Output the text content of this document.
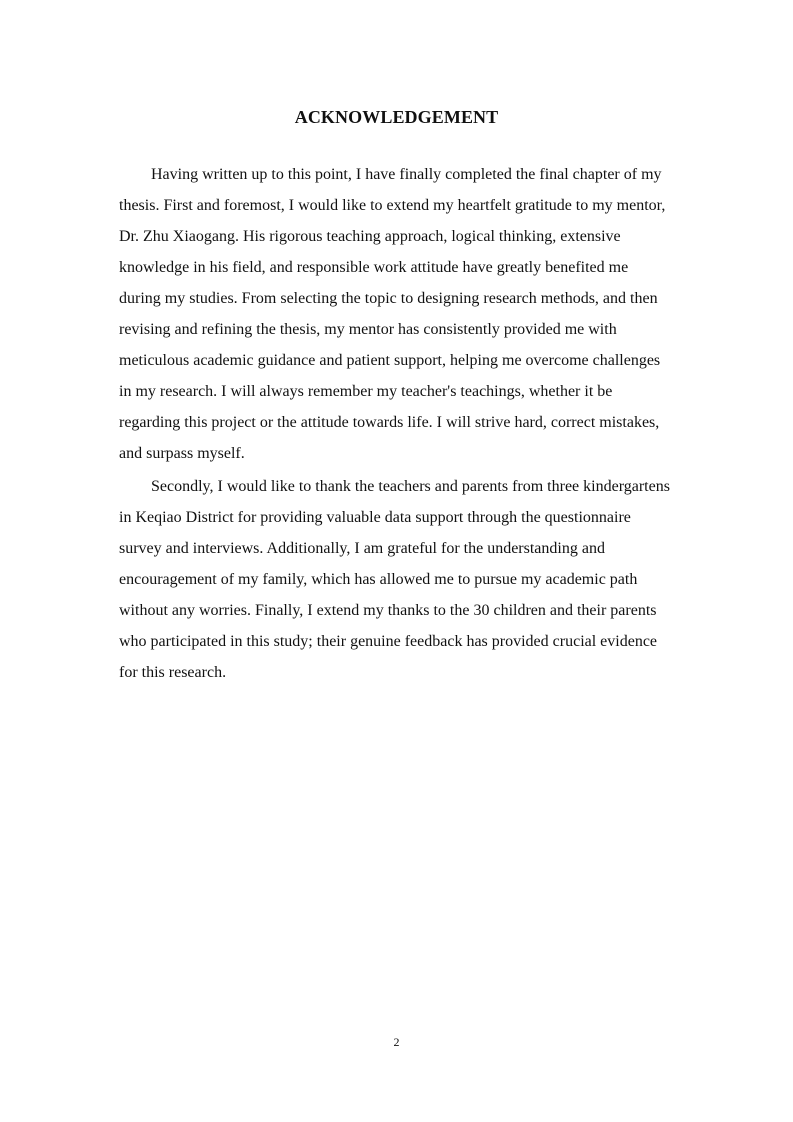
ACKNOWLEDGEMENT

Having written up to this point, I have finally completed the final chapter of my

thesis. First and foremost, I would like to extend my heartfelt gratitude to my mentor,

Dr. Zhu Xiaogang. His rigorous teaching approach, logical thinking, extensive

knowledge in his field, and responsible work attitude have greatly benefited me

during my studies. From selecting the topic to designing research methods, and then

revising and refining the thesis, my mentor has consistently provided me with

meticulous academic guidance and patient support, helping me overcome challenges

in my research. I will always remember my teacher's teachings, whether it be

regarding this project or the attitude towards life. I will strive hard, correct mistakes,

and surpass myself.

Secondly, I would like to thank the teachers and parents from three kindergartens

in Keqiao District for providing valuable data support through the questionnaire

survey and interviews. Additionally, I am grateful for the understanding and

encouragement of my family, which has allowed me to pursue my academic path

without any worries. Finally, I extend my thanks to the 30 children and their parents

who participated in this study; their genuine feedback has provided crucial evidence

for this research.

2
